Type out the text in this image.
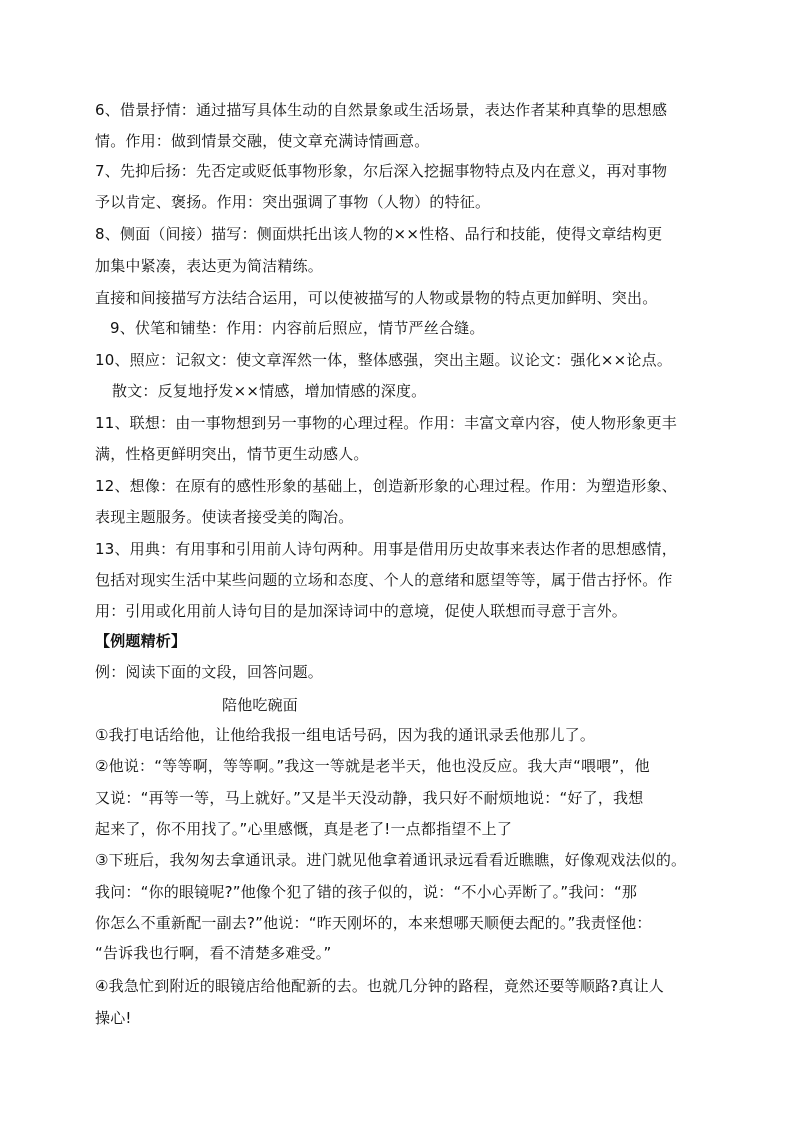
6、借景抒情：通过描写具体生动的自然景象或生活场景，表达作者某种真挚的思想感
情。作用：做到情景交融，使文章充满诗情画意。
7、先抑后扬：先否定或贬低事物形象，尔后深入挖掘事物特点及内在意义，再对事物
予以肯定、褒扬。作用：突出强调了事物（人物）的特征。
8、侧面（间接）描写：侧面烘托出该人物的××性格、品行和技能，使得文章结构更
加集中紧凑，表达更为简洁精练。
直接和间接描写方法结合运用，可以使被描写的人物或景物的特点更加鲜明、突出。
9、伏笔和铺垫：作用：内容前后照应，情节严丝合缝。
10、照应：记叙文：使文章浑然一体，整体感强，突出主题。议论文：强化××论点。
散文：反复地抒发××情感，增加情感的深度。
11、联想：由一事物想到另一事物的心理过程。作用：丰富文章内容，使人物形象更丰
满，性格更鲜明突出，情节更生动感人。
12、想像：在原有的感性形象的基础上，创造新形象的心理过程。作用：为塑造形象、
表现主题服务。使读者接受美的陶冶。
13、用典：有用事和引用前人诗句两种。用事是借用历史故事来表达作者的思想感情，
包括对现实生活中某些问题的立场和态度、个人的意绪和愿望等等，属于借古抒怀。作
用：引用或化用前人诗句目的是加深诗词中的意境，促使人联想而寻意于言外。
【例题精析】
例：阅读下面的文段，回答问题。
陪他吃碗面
①我打电话给他，让他给我报一组电话号码，因为我的通讯录丢他那儿了。
②他说：“等等啊，等等啊。”我这一等就是老半天，他也没反应。我大声“喂喂”，他
又说：“再等一等，马上就好。”又是半天没动静，我只好不耐烦地说：“好了，我想
起来了，你不用找了。”心里感慨，真是老了!一点都指望不上了
③下班后，我匆匆去拿通讯录。进门就见他拿着通讯录远看看近瞧瞧，好像观戏法似的。
我问：“你的眼镜呢?”他像个犯了错的孩子似的，说：“不小心弄断了。”我问：“那
你怎么不重新配一副去?”他说：“昨天刚坏的，本来想哪天顺便去配的。”我责怪他：
“告诉我也行啊，看不清楚多难受。”
④我急忙到附近的眼镜店给他配新的去。也就几分钟的路程，竟然还要等顺路?真让人
操心!
